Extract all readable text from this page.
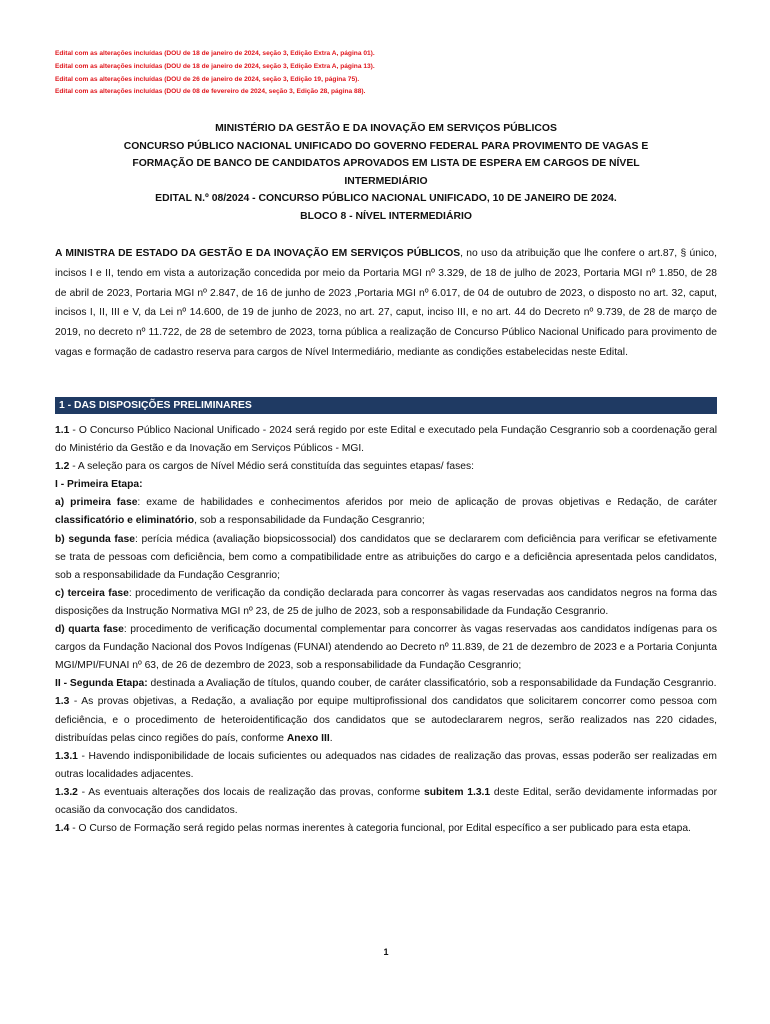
Edital com as alterações incluídas (DOU de 18 de janeiro de 2024, seção 3, Edição Extra A, página 01).
Edital com as alterações incluídas (DOU de 18 de janeiro de 2024, seção 3, Edição Extra A, página 13).
Edital com as alterações incluídas (DOU de 26 de janeiro de 2024, seção 3, Edição 19, página 75).
Edital com as alterações incluídas (DOU de 08 de fevereiro de 2024, seção 3, Edição 28, página 88).
MINISTÉRIO DA GESTÃO E DA INOVAÇÃO EM SERVIÇOS PÚBLICOS
CONCURSO PÚBLICO NACIONAL UNIFICADO DO GOVERNO FEDERAL PARA PROVIMENTO DE VAGAS E
FORMAÇÃO DE BANCO DE CANDIDATOS APROVADOS EM LISTA DE ESPERA EM CARGOS DE NÍVEL
INTERMEDIÁRIO
EDITAL N.º 08/2024 - CONCURSO PÚBLICO NACIONAL UNIFICADO, 10 DE JANEIRO DE 2024.
BLOCO 8 - NÍVEL INTERMEDIÁRIO
A MINISTRA DE ESTADO DA GESTÃO E DA INOVAÇÃO EM SERVIÇOS PÚBLICOS, no uso da atribuição que lhe confere o art.87, § único, incisos I e II, tendo em vista a autorização concedida por meio da Portaria MGI nº 3.329, de 18 de julho de 2023, Portaria MGI nº 1.850, de 28 de abril de 2023, Portaria MGI nº 2.847, de 16 de junho de 2023 ,Portaria MGI nº 6.017, de 04 de outubro de 2023, o disposto no art. 32, caput, incisos I, II, III e V, da Lei nº 14.600, de 19 de junho de 2023, no art. 27, caput, inciso III, e no art. 44 do Decreto nº 9.739, de 28 de março de 2019, no decreto nº 11.722, de 28 de setembro de 2023, torna pública a realização de Concurso Público Nacional Unificado para provimento de vagas e formação de cadastro reserva para cargos de Nível Intermediário, mediante as condições estabelecidas neste Edital.
1 - DAS DISPOSIÇÕES PRELIMINARES

1.1 - O Concurso Público Nacional Unificado - 2024 será regido por este Edital e executado pela Fundação Cesgranrio sob a coordenação geral do Ministério da Gestão e da Inovação em Serviços Públicos - MGI.

1.2 - A seleção para os cargos de Nível Médio será constituída das seguintes etapas/ fases:

I - Primeira Etapa:

a) primeira fase: exame de habilidades e conhecimentos aferidos por meio de aplicação de provas objetivas e Redação, de caráter classificatório e eliminatório, sob a responsabilidade da Fundação Cesgranrio;

b) segunda fase: perícia médica (avaliação biopsicossocial) dos candidatos que se declararem com deficiência para verificar se efetivamente se trata de pessoas com deficiência, bem como a compatibilidade entre as atribuições do cargo e a deficiência apresentada pelos candidatos, sob a responsabilidade da Fundação Cesgranrio;

c) terceira fase: procedimento de verificação da condição declarada para concorrer às vagas reservadas aos candidatos negros na forma das disposições da Instrução Normativa MGI nº 23, de 25 de julho de 2023, sob a responsabilidade da Fundação Cesgranrio.

d) quarta fase: procedimento de verificação documental complementar para concorrer às vagas reservadas aos candidatos indígenas para os cargos da Fundação Nacional dos Povos Indígenas (FUNAI) atendendo ao Decreto nº 11.839, de 21 de dezembro de 2023 e a Portaria Conjunta MGI/MPI/FUNAI nº 63, de 26 de dezembro de 2023, sob a responsabilidade da Fundação Cesgranrio;

II - Segunda Etapa: destinada a Avaliação de títulos, quando couber, de caráter classificatório, sob a responsabilidade da Fundação Cesgranrio.

1.3 - As provas objetivas, a Redação, a avaliação por equipe multiprofissional dos candidatos que solicitarem concorrer como pessoa com deficiência, e o procedimento de heteroidentificação dos candidatos que se autodeclararem negros, serão realizados nas 220 cidades, distribuídas pelas cinco regiões do país, conforme Anexo III.

1.3.1 - Havendo indisponibilidade de locais suficientes ou adequados nas cidades de realização das provas, essas poderão ser realizadas em outras localidades adjacentes.

1.3.2 - As eventuais alterações dos locais de realização das provas, conforme subitem 1.3.1 deste Edital, serão devidamente informadas por ocasião da convocação dos candidatos.

1.4 - O Curso de Formação será regido pelas normas inerentes à categoria funcional, por Edital específico a ser publicado para esta etapa.

1
